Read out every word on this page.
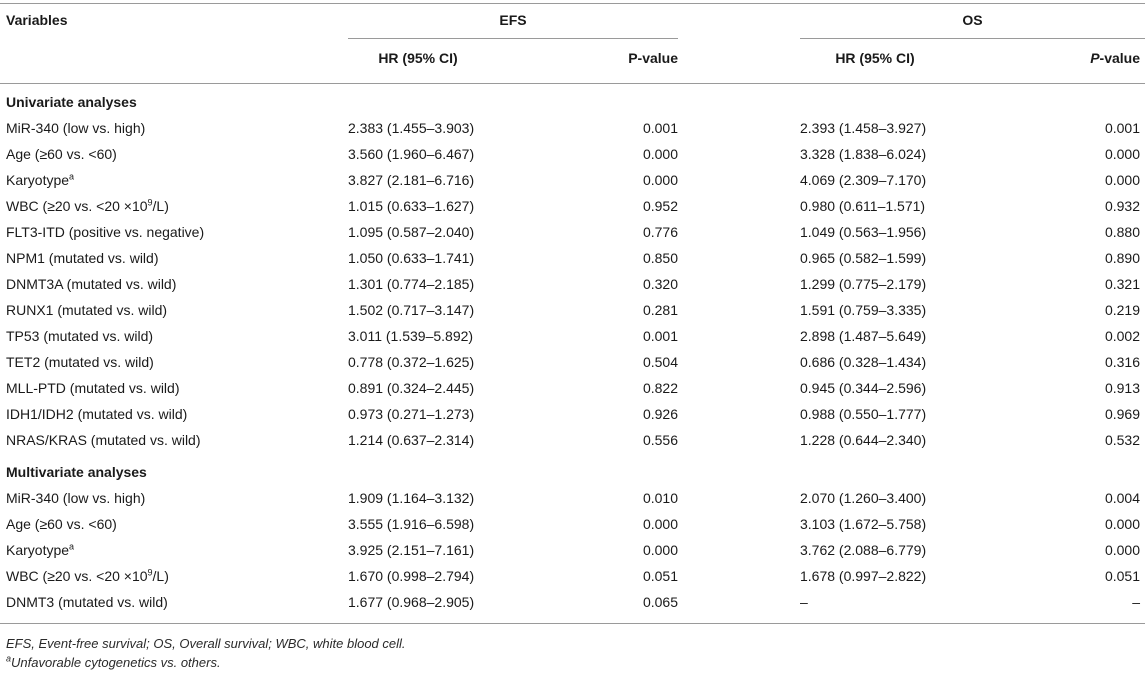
Variables	EFS	OS
HR (95% CI)	P-value	HR (95% CI)	P-value
Univariate analyses
MiR-340 (low vs. high)	2.383 (1.455–3.903)	0.001	2.393 (1.458–3.927)	0.001
Age (≥60 vs. <60)	3.560 (1.960–6.467)	0.000	3.328 (1.838–6.024)	0.000
Karyotype$^a$	3.827 (2.181–6.716)	0.000	4.069 (2.309–7.170)	0.000
WBC (≥20 vs. $<20 \times 10^9/L$)	1.015 (0.633–1.627)	0.952	0.980 (0.611–1.571)	0.932
FLT3-ITD (positive vs. negative)	1.095 (0.587–2.040)	0.776	1.049 (0.563–1.956)	0.880
NPM1 (mutated vs. wild)	1.050 (0.633–1.741)	0.850	0.965 (0.582–1.599)	0.890
DNMT3A (mutated vs. wild)	1.301 (0.774–2.185)	0.320	1.299 (0.775–2.179)	0.321
RUNX1 (mutated vs. wild)	1.502 (0.717–3.147)	0.281	1.591 (0.759–3.335)	0.219
TP53 (mutated vs. wild)	3.011 (1.539–5.892)	0.001	2.898 (1.487–5.649)	0.002
TET2 (mutated vs. wild)	0.778 (0.372–1.625)	0.504	0.686 (0.328–1.434)	0.316
MLL-PTD (mutated vs. wild)	0.891 (0.324–2.445)	0.822	0.945 (0.344–2.596)	0.913
IDH1/IDH2 (mutated vs. wild)	0.973 (0.271–1.273)	0.926	0.988 (0.550–1.777)	0.969
NRAS/KRAS (mutated vs. wild)	1.214 (0.637–2.314)	0.556	1.228 (0.644–2.340)	0.532
Multivariate analyses
MiR-340 (low vs. high)	1.909 (1.164–3.132)	0.010	2.070 (1.260–3.400)	0.004
Age (≥60 vs. <60)	3.555 (1.916–6.598)	0.000	3.103 (1.672–5.758)	0.000
Karyotype$^a$	3.925 (2.151–7.161)	0.000	3.762 (2.088–6.779)	0.000
WBC (≥20 vs. $<20 \times 10^9/L$)	1.670 (0.998–2.794)	0.051	1.678 (0.997–2.822)	0.051
DNMT3 (mutated vs. wild)	1.677 (0.968–2.905)	0.065	–	–
EFS, Event-free survival; OS, Overall survival; WBC, white blood cell.
$^a$Unfavorable cytogenetics vs. others.
